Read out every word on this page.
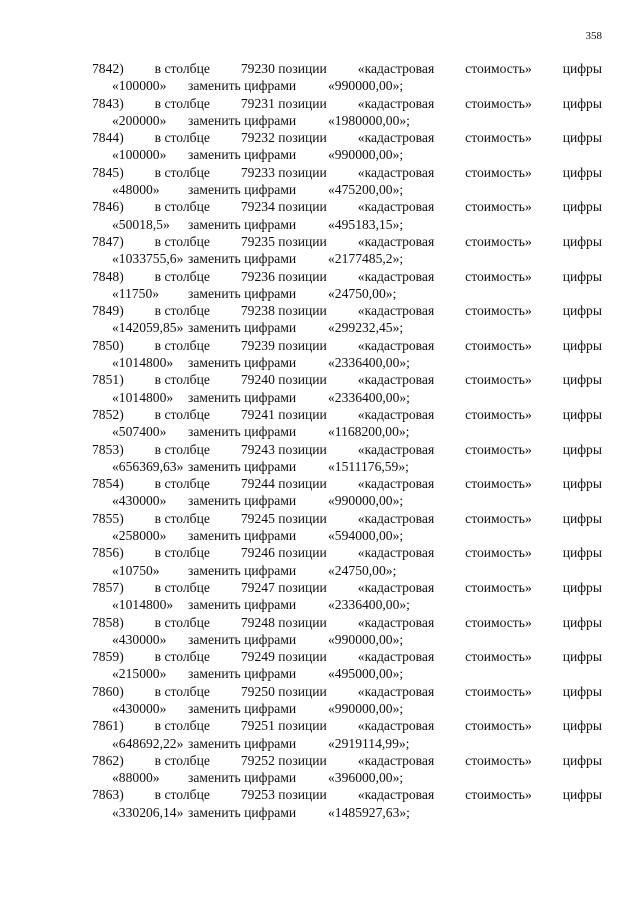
358
7842) в столбце 79230 позиции «кадастровая стоимость» цифры
«100000»	заменить цифрами	«990000,00»;
7843) в столбце 79231 позиции «кадастровая стоимость» цифры
«200000»	заменить цифрами	«1980000,00»;
7844) в столбце 79232 позиции «кадастровая стоимость» цифры
«100000»	заменить цифрами	«990000,00»;
7845) в столбце 79233 позиции «кадастровая стоимость» цифры
«48000»	заменить цифрами	«475200,00»;
7846) в столбце 79234 позиции «кадастровая стоимость» цифры
«50018,5»	заменить цифрами	«495183,15»;
7847) в столбце 79235 позиции «кадастровая стоимость» цифры
«1033755,6» заменить цифрами	«2177485,2»;
7848) в столбце 79236 позиции «кадастровая стоимость» цифры
«11750»	заменить цифрами	«24750,00»;
7849) в столбце 79238 позиции «кадастровая стоимость» цифры
«142059,85» заменить цифрами	«299232,45»;
7850) в столбце 79239 позиции «кадастровая стоимость» цифры
«1014800»	заменить цифрами	«2336400,00»;
7851) в столбце 79240 позиции «кадастровая стоимость» цифры
«1014800»	заменить цифрами	«2336400,00»;
7852) в столбце 79241 позиции «кадастровая стоимость» цифры
«507400»	заменить цифрами	«1168200,00»;
7853) в столбце 79243 позиции «кадастровая стоимость» цифры
«656369,63» заменить цифрами	«1511176,59»;
7854) в столбце 79244 позиции «кадастровая стоимость» цифры
«430000»	заменить цифрами	«990000,00»;
7855) в столбце 79245 позиции «кадастровая стоимость» цифры
«258000»	заменить цифрами	«594000,00»;
7856) в столбце 79246 позиции «кадастровая стоимость» цифры
«10750»	заменить цифрами	«24750,00»;
7857) в столбце 79247 позиции «кадастровая стоимость» цифры
«1014800»	заменить цифрами	«2336400,00»;
7858) в столбце 79248 позиции «кадастровая стоимость» цифры
«430000»	заменить цифрами	«990000,00»;
7859) в столбце 79249 позиции «кадастровая стоимость» цифры
«215000»	заменить цифрами	«495000,00»;
7860) в столбце 79250 позиции «кадастровая стоимость» цифры
«430000»	заменить цифрами	«990000,00»;
7861) в столбце 79251 позиции «кадастровая стоимость» цифры
«648692,22» заменить цифрами	«2919114,99»;
7862) в столбце 79252 позиции «кадастровая стоимость» цифры
«88000»	заменить цифрами	«396000,00»;
7863) в столбце 79253 позиции «кадастровая стоимость» цифры
«330206,14» заменить цифрами	«1485927,63»;
